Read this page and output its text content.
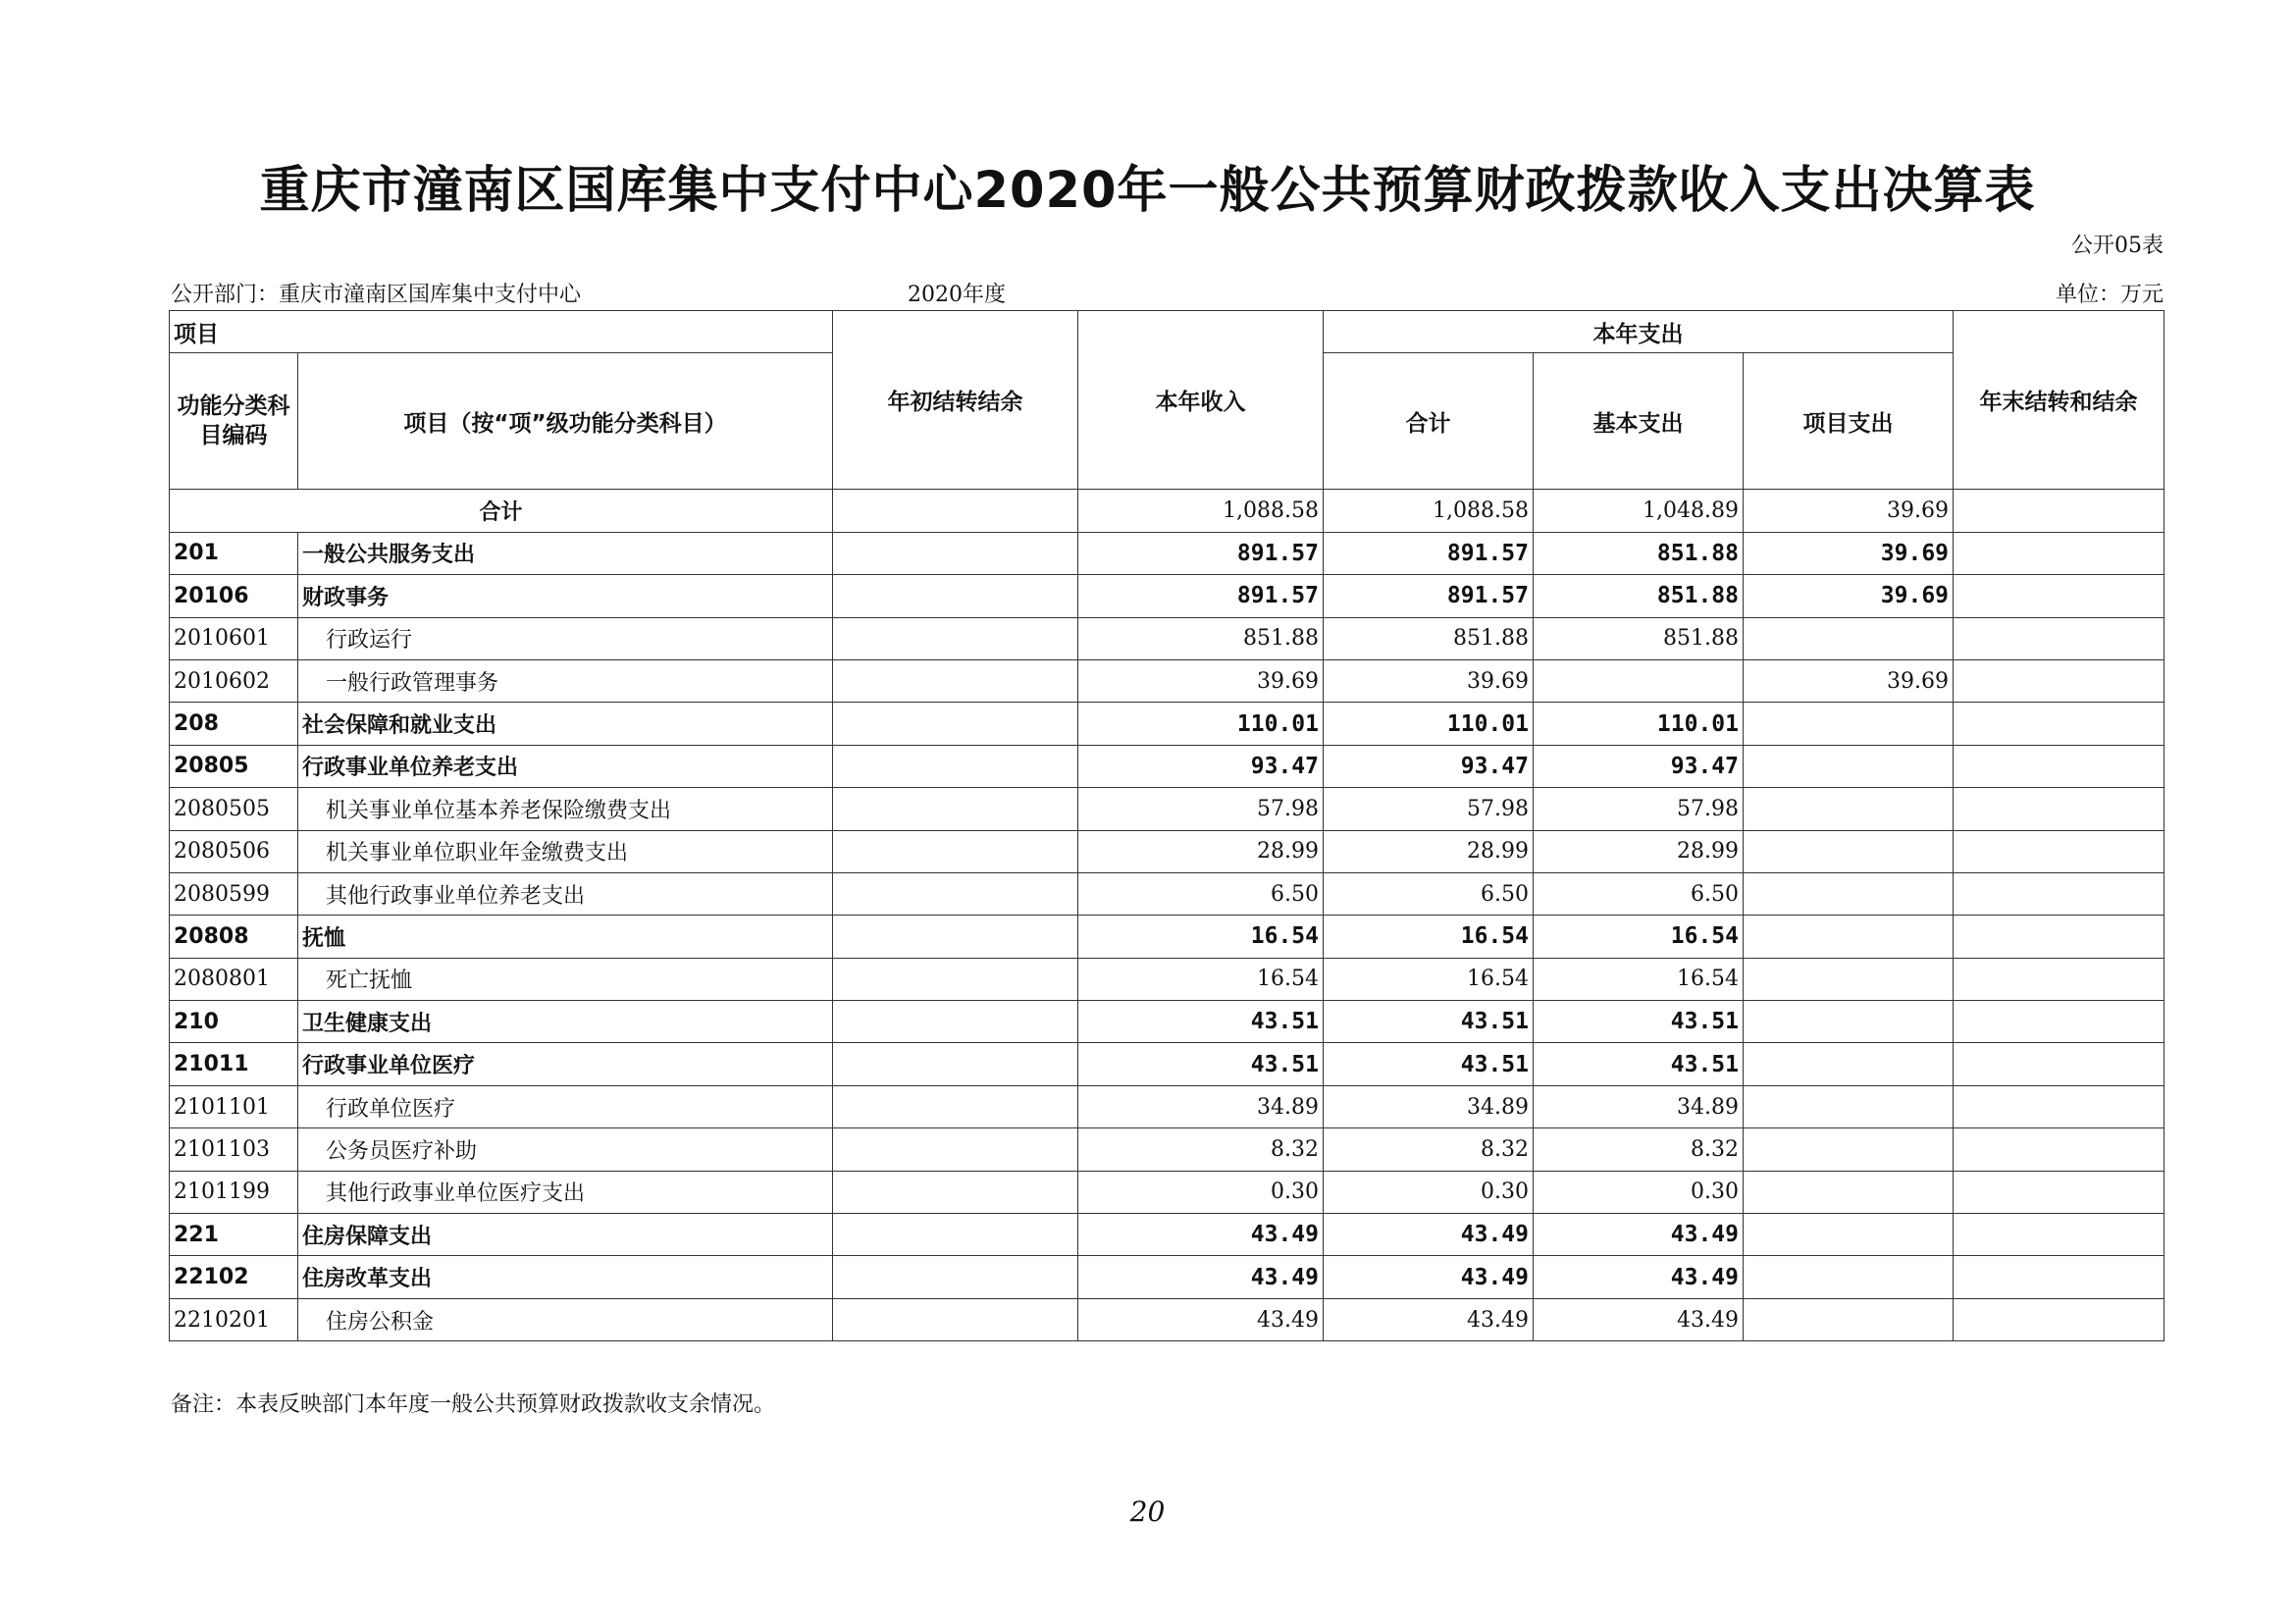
重庆市潼南区国库集中支付中心2020年一般公共预算财政拨款收入支出决算表
公开05表
公开部门：重庆市潼南区国库集中支付中心	2020年度	单位：万元
项目		年初结转结余	本年收入	本年支出			年末结转和结余
功能分类科目编码	项目（按“项”级功能分类科目）			合计	基本支出	项目支出	

合计			1,088.58	1,088.58	1,048.89	39.69	
201	一般公共服务支出		891.57	891.57	851.88	39.69	
20106	财政事务		891.57	891.57	851.88	39.69	
2010601	行政运行		851.88	851.88	851.88		
2010602	一般行政管理事务		39.69	39.69		39.69	
208	社会保障和就业支出		110.01	110.01	110.01		
20805	行政事业单位养老支出		93.47	93.47	93.47		
2080505	机关事业单位基本养老保险缴费支出		57.98	57.98	57.98		
2080506	机关事业单位职业年金缴费支出		28.99	28.99	28.99		
2080599	其他行政事业单位养老支出		6.50	6.50	6.50		
20808	抚恤		16.54	16.54	16.54		
2080801	死亡抚恤		16.54	16.54	16.54		
210	卫生健康支出		43.51	43.51	43.51		
21011	行政事业单位医疗		43.51	43.51	43.51		
2101101	行政单位医疗		34.89	34.89	34.89		
2101103	公务员医疗补助		8.32	8.32	8.32		
2101199	其他行政事业单位医疗支出		0.30	0.30	0.30		
221	住房保障支出		43.49	43.49	43.49		
22102	住房改革支出		43.49	43.49	43.49		
2210201	住房公积金		43.49	43.49	43.49		
备注：本表反映部门本年度一般公共预算财政拨款收支余情况。
20
